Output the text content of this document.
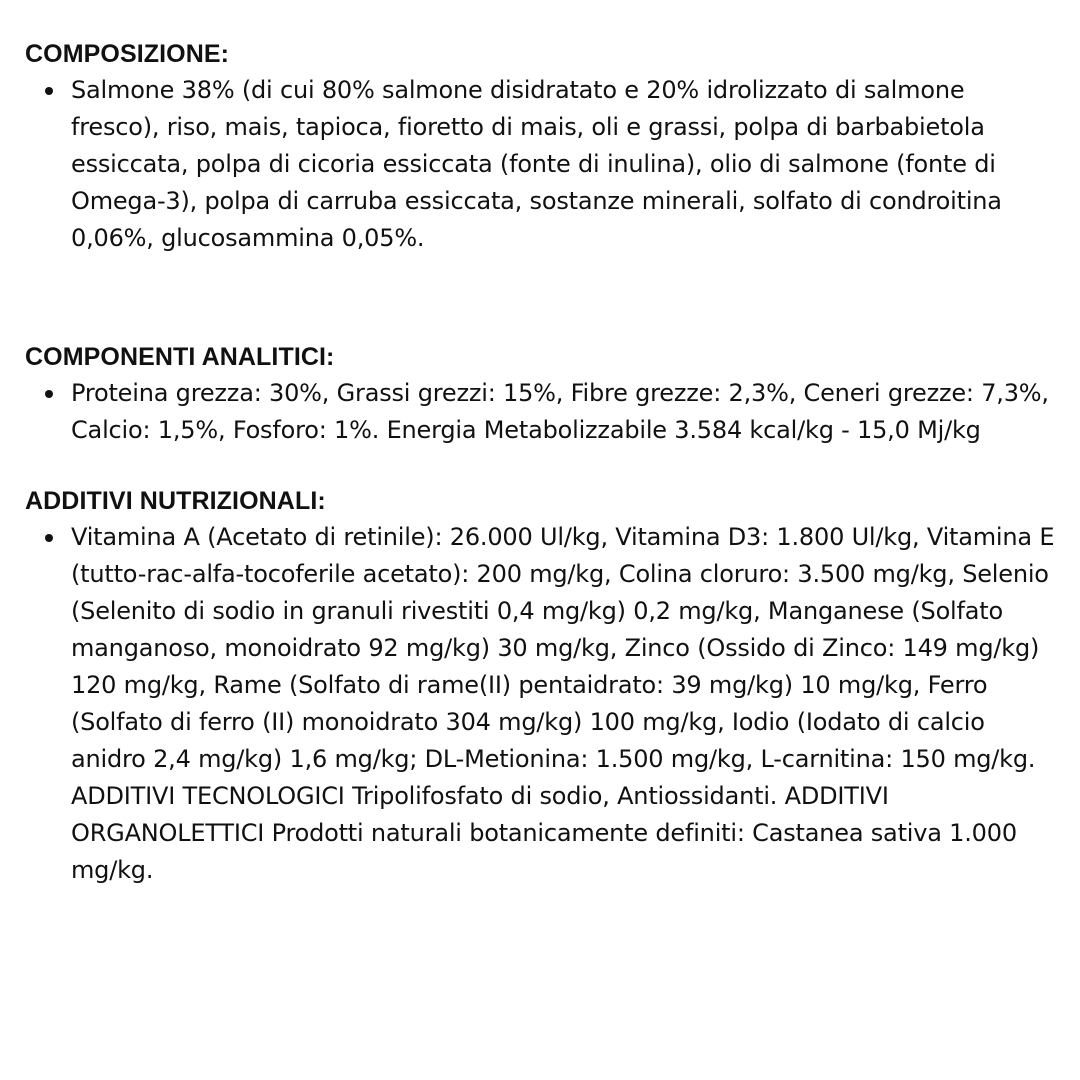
COMPOSIZIONE:
Salmone 38% (di cui 80% salmone disidratato e 20% idrolizzato di salmone fresco), riso, mais, tapioca, fioretto di mais, oli e grassi, polpa di barbabietola essiccata, polpa di cicoria essiccata (fonte di inulina), olio di salmone (fonte di Omega-3), polpa di carruba essiccata, sostanze minerali, solfato di condroitina 0,06%, glucosammina 0,05%.
COMPONENTI ANALITICI:
Proteina grezza: 30%, Grassi grezzi: 15%, Fibre grezze: 2,3%, Ceneri grezze: 7,3%, Calcio: 1,5%, Fosforo: 1%. Energia Metabolizzabile 3.584 kcal/kg - 15,0 Mj/kg
ADDITIVI NUTRIZIONALI:
Vitamina A (Acetato di retinile): 26.000 Ul/kg, Vitamina D3: 1.800 Ul/kg, Vitamina E (tutto-rac-alfa-tocoferile acetato): 200 mg/kg, Colina cloruro: 3.500 mg/kg, Selenio (Selenito di sodio in granuli rivestiti 0,4 mg/kg) 0,2 mg/kg, Manganese (Solfato manganoso, monoidrato 92 mg/kg) 30 mg/kg, Zinco (Ossido di Zinco: 149 mg/kg) 120 mg/kg, Rame (Solfato di rame(II) pentaidrato: 39 mg/kg) 10 mg/kg, Ferro (Solfato di ferro (II) monoidrato 304 mg/kg) 100 mg/kg, Iodio (Iodato di calcio anidro 2,4 mg/kg) 1,6 mg/kg; DL-Metionina: 1.500 mg/kg, L-carnitina: 150 mg/kg. ADDITIVI TECNOLOGICI Tripolifosfato di sodio, Antiossidanti. ADDITIVI ORGANOLETTICI Prodotti naturali botanicamente definiti: Castanea sativa 1.000 mg/kg.
